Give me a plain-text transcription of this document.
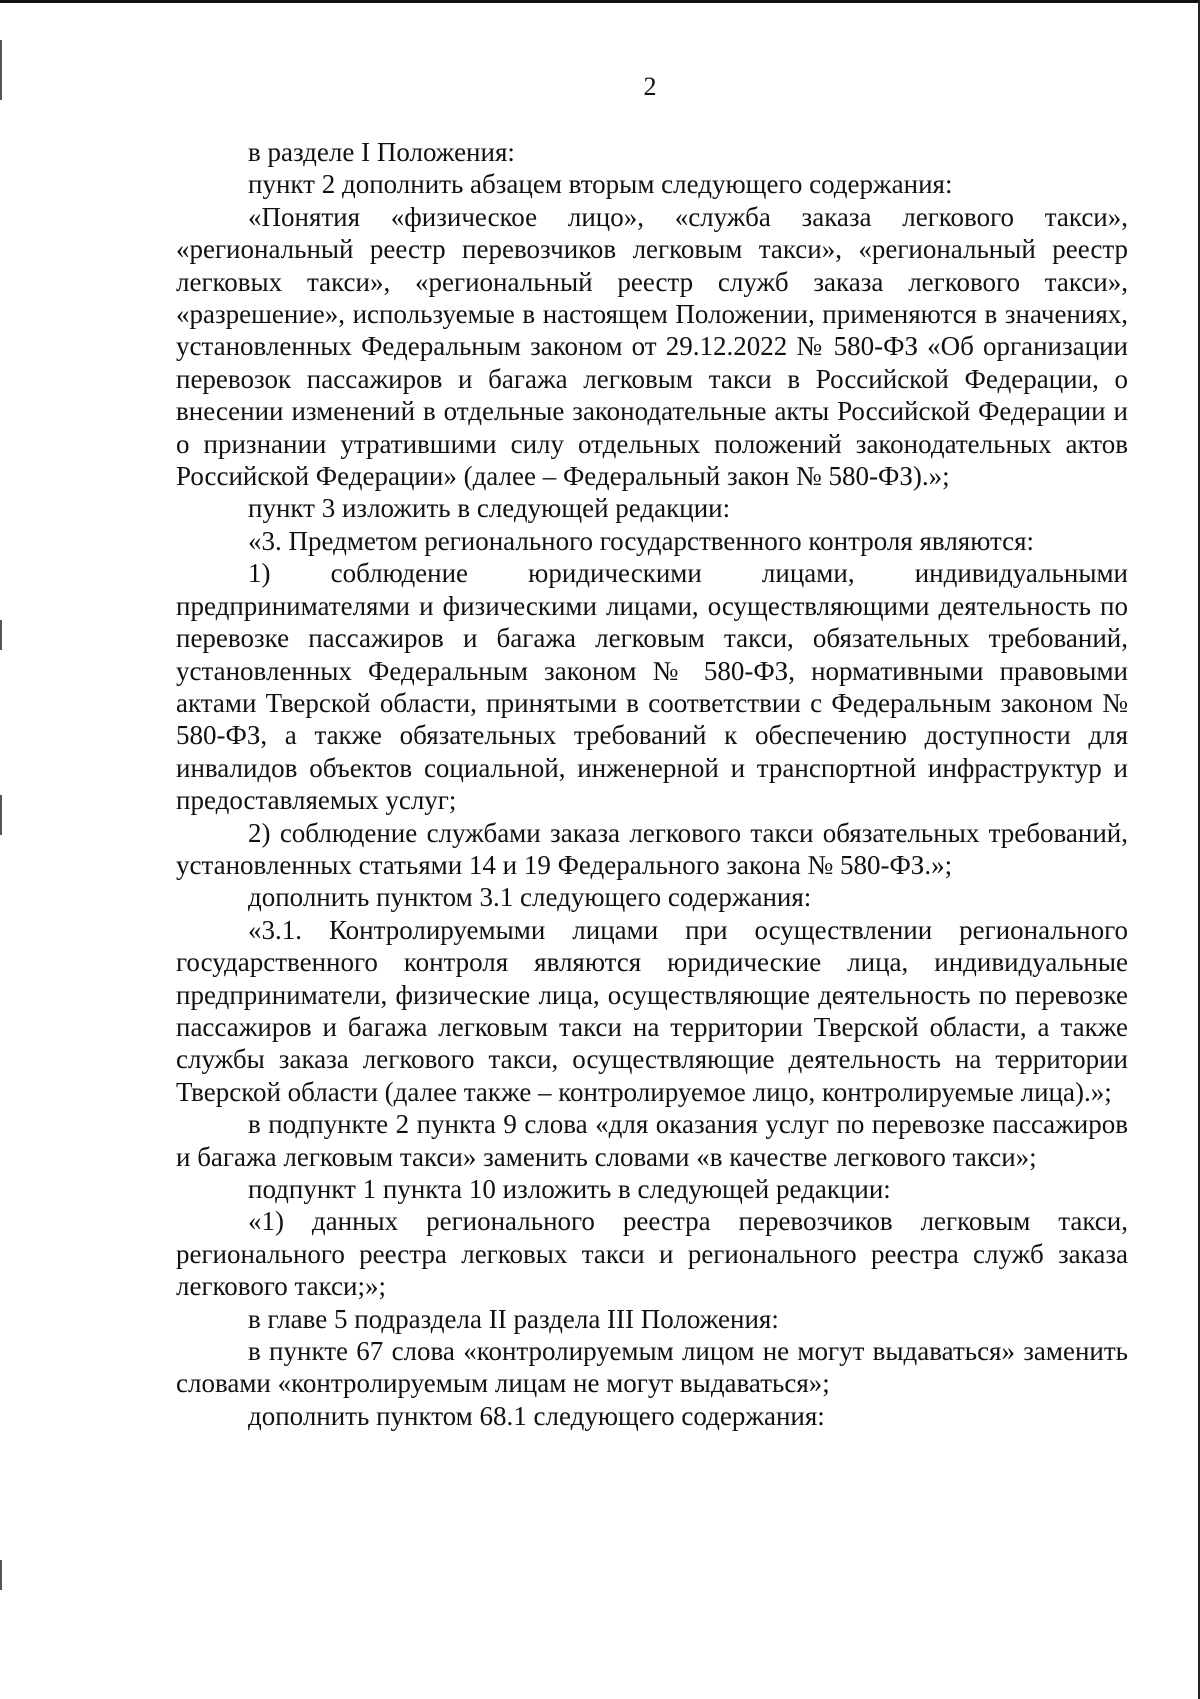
2

в разделе I Положения:

пункт 2 дополнить абзацем вторым следующего содержания:

«Понятия «физическое лицо», «служба заказа легкового такси», «региональный реестр перевозчиков легковым такси», «региональный реестр легковых такси», «региональный реестр служб заказа легкового такси», «разрешение», используемые в настоящем Положении, применяются в значениях, установленных Федеральным законом от 29.12.2022 № 580-ФЗ «Об организации перевозок пассажиров и багажа легковым такси в Российской Федерации, о внесении изменений в отдельные законодательные акты Российской Федерации и о признании утратившими силу отдельных положений законодательных актов Российской Федерации» (далее – Федеральный закон № 580-ФЗ).»;

пункт 3 изложить в следующей редакции:

«3. Предметом регионального государственного контроля являются:

1) соблюдение юридическими лицами, индивидуальными предпринимателями и физическими лицами, осуществляющими деятельность по перевозке пассажиров и багажа легковым такси, обязательных требований, установленных Федеральным законом № 580-ФЗ, нормативными правовыми актами Тверской области, принятыми в соответствии с Федеральным законом № 580-ФЗ, а также обязательных требований к обеспечению доступности для инвалидов объектов социальной, инженерной и транспортной инфраструктур и предоставляемых услуг;

2) соблюдение службами заказа легкового такси обязательных требований, установленных статьями 14 и 19 Федерального закона № 580-ФЗ.»;

дополнить пунктом 3.1 следующего содержания:

«3.1. Контролируемыми лицами при осуществлении регионального государственного контроля являются юридические лица, индивидуальные предприниматели, физические лица, осуществляющие деятельность по перевозке пассажиров и багажа легковым такси на территории Тверской области, а также службы заказа легкового такси, осуществляющие деятельность на территории Тверской области (далее также – контролируемое лицо, контролируемые лица).»;

в подпункте 2 пункта 9 слова «для оказания услуг по перевозке пассажиров и багажа легковым такси» заменить словами «в качестве легкового такси»;

подпункт 1 пункта 10 изложить в следующей редакции:

«1) данных регионального реестра перевозчиков легковым такси, регионального реестра легковых такси и регионального реестра служб заказа легкового такси;»;

в главе 5 подраздела II раздела III Положения:

в пункте 67 слова «контролируемым лицом не могут выдаваться» заменить словами «контролируемым лицам не могут выдаваться»;

дополнить пунктом 68.1 следующего содержания:
